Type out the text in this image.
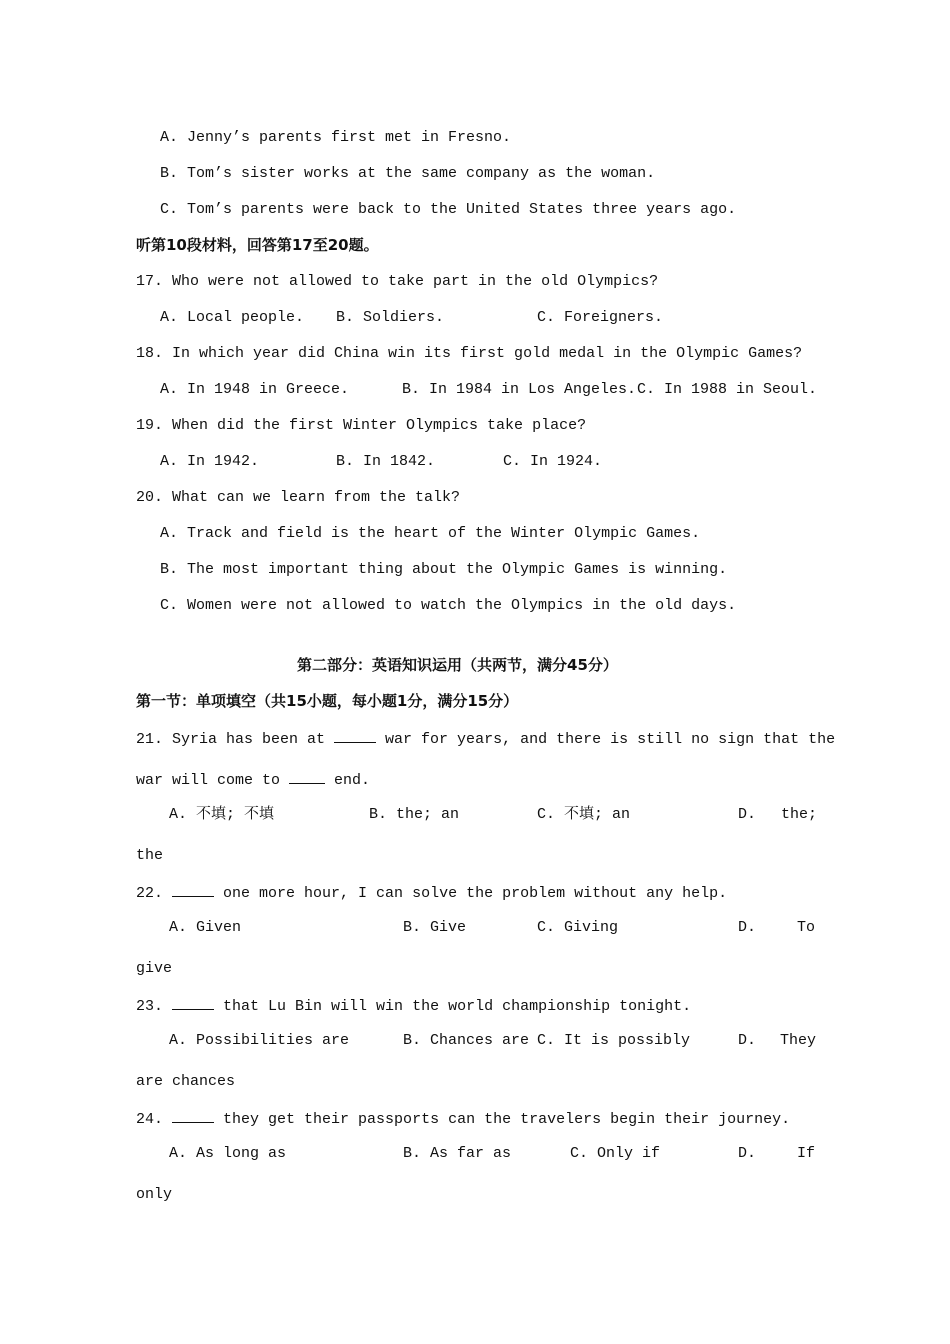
A. Jenny’s parents first met in Fresno.
B. Tom’s sister works at the same company as the woman.
C. Tom’s parents were back to the United States three years ago.
听第10段材料，回答第17至20题。
17. Who were not allowed to take part in the old Olympics?
A. Local people. B. Soldiers.	C. Foreigners.
18. In which year did China win its first gold medal in the Olympic Games?
A. In 1948 in Greece.	B. In 1984 in Los Angeles. C. In 1988 in Seoul.
19. When did the first Winter Olympics take place?
A. In 1942.	B. In 1842.	C. In 1924.
20. What can we learn from the talk?
A. Track and field is the heart of the Winter Olympic Games.
B. The most important thing about the Olympic Games is winning.
C. Women were not allowed to watch the Olympics in the old days.
第二部分：英语知识运用（共两节，满分45分）
第一节：单项填空（共15小题，每小题1分，满分15分）
21. Syria has been at	war for years, and there is still no sign that the
war will come to  end.
A. 不填; 不填	B. the; an	C. 不填; an	D. the;
the
22.	one more hour, I can solve the problem without any help.
A. Given	B. Give	C. Giving	D.	To
give
23.	that Lu Bin will win the world championship tonight.
A. Possibilities are	B. Chances are C. It is possibly	D. They
are chances
24.	they get their passports can the travelers begin their journey.
A. As long as	B. As far as	C. Only if	D.	If
only
